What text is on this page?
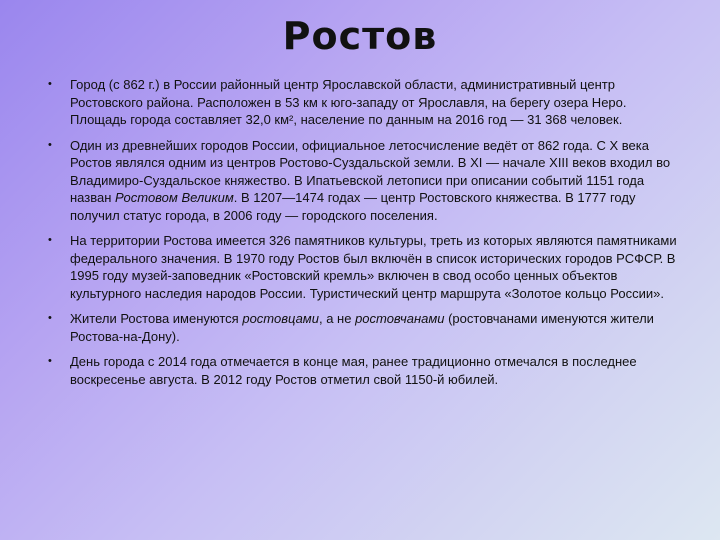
Ростов
• Город (с 862 г.) в России районный центр Ярославской области, административный центр Ростовского района. Расположен в 53 км к юго-западу от Ярославля, на берегу озера Неро. Площадь города составляет 32,0 км², население по данным на 2016 год — 31 368 человек.
• Один из древнейших городов России, официальное летосчисление ведёт от 862 года. С X века Ростов являлся одним из центров Ростово-Суздальской земли. В XI — начале XIII веков входил во Владимиро-Суздальское княжество. В Ипатьевской летописи при описании событий 1151 года назван Ростовом Великим. В 1207—1474 годах — центр Ростовского княжества. В 1777 году получил статус города, в 2006 году — городского поселения.
• На территории Ростова имеется 326 памятников культуры, треть из которых являются памятниками федерального значения. В 1970 году Ростов был включён в список исторических городов РСФСР. В 1995 году музей-заповедник «Ростовский кремль» включен в свод особо ценных объектов культурного наследия народов России. Туристический центр маршрута «Золотое кольцо России».
• Жители Ростова именуются ростовцами, а не ростовчанами (ростовчанами именуются жители Ростова-на-Дону).
• День города с 2014 года отмечается в конце мая, ранее традиционно отмечался в последнее воскресенье августа. В 2012 году Ростов отметил свой 1150-й юбилей.
